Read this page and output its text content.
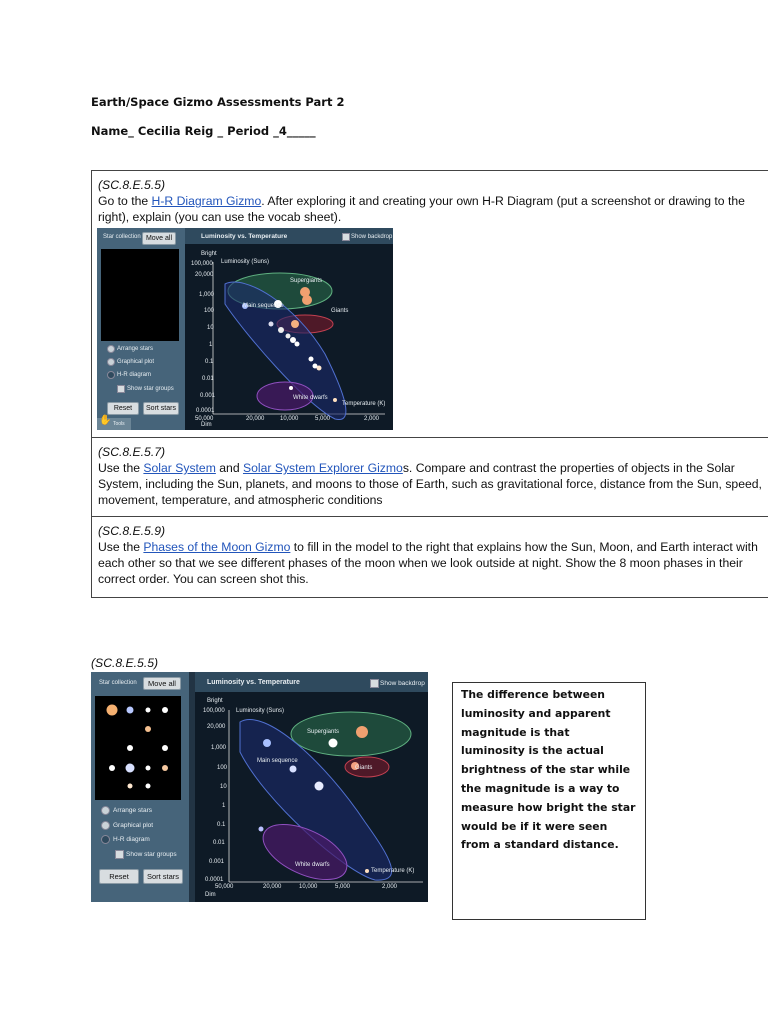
Earth/Space Gizmo Assessments Part 2
Name_ Cecilia Reig _ Period _4_____
(SC.8.E.5.5)
Go to the H-R Diagram Gizmo. After exploring it and creating your own H-R Diagram (put a screenshot or drawing to the right), explain (you can use the vocab sheet).
(SC.8.E.5.7)
Use the Solar System and Solar System Explorer Gizmos. Compare and contrast the properties of objects in the Solar System, including the Sun, planets, and moons to those of Earth, such as gravitational force, distance from the Sun, speed, movement, temperature, and atmospheric conditions
(SC.8.E.5.9)
Use the Phases of the Moon Gizmo to fill in the model to the right that explains how the Sun, Moon, and Earth interact with each other so that we see different phases of the moon when we look outside at night. Show the 8 moon phases in their correct order. You can screen shot this.
Star collection Move all
Arrange stars
Graphical plot
H-R diagram
Show star groups
Reset	Sort stars
✋ Tools
Luminosity vs. Temperature	Show backdrop
Bright
Luminosity (Suns)
Supergiants
Giants
Main sequence
White dwarfs
Temperature (K)
Dim
100,000
20,000
1,000
100
10
1
0.1
0.01
0.001
0.0001
50,000	20,000	10,000	5,000	2,000
(SC.8.E.5.5)
Star collection	Move all
Arrange stars
Graphical plot
H-R diagram
Show star groups
Reset	Sort stars
Luminosity vs. Temperature	Show backdrop
Bright
Luminosity (Suns)
Supergiants
Giants
Main sequence
White dwarfs
Temperature (K)
Dim
100,000
20,000
1,000
100
10
1
0.1
0.01
0.001
0.0001
50,000	20,000	10,000	5,000	2,000
The difference between luminosity and apparent magnitude is that luminosity is the actual brightness of the star while the magnitude is a way to measure how bright the star would be if it were seen from a standard distance.
